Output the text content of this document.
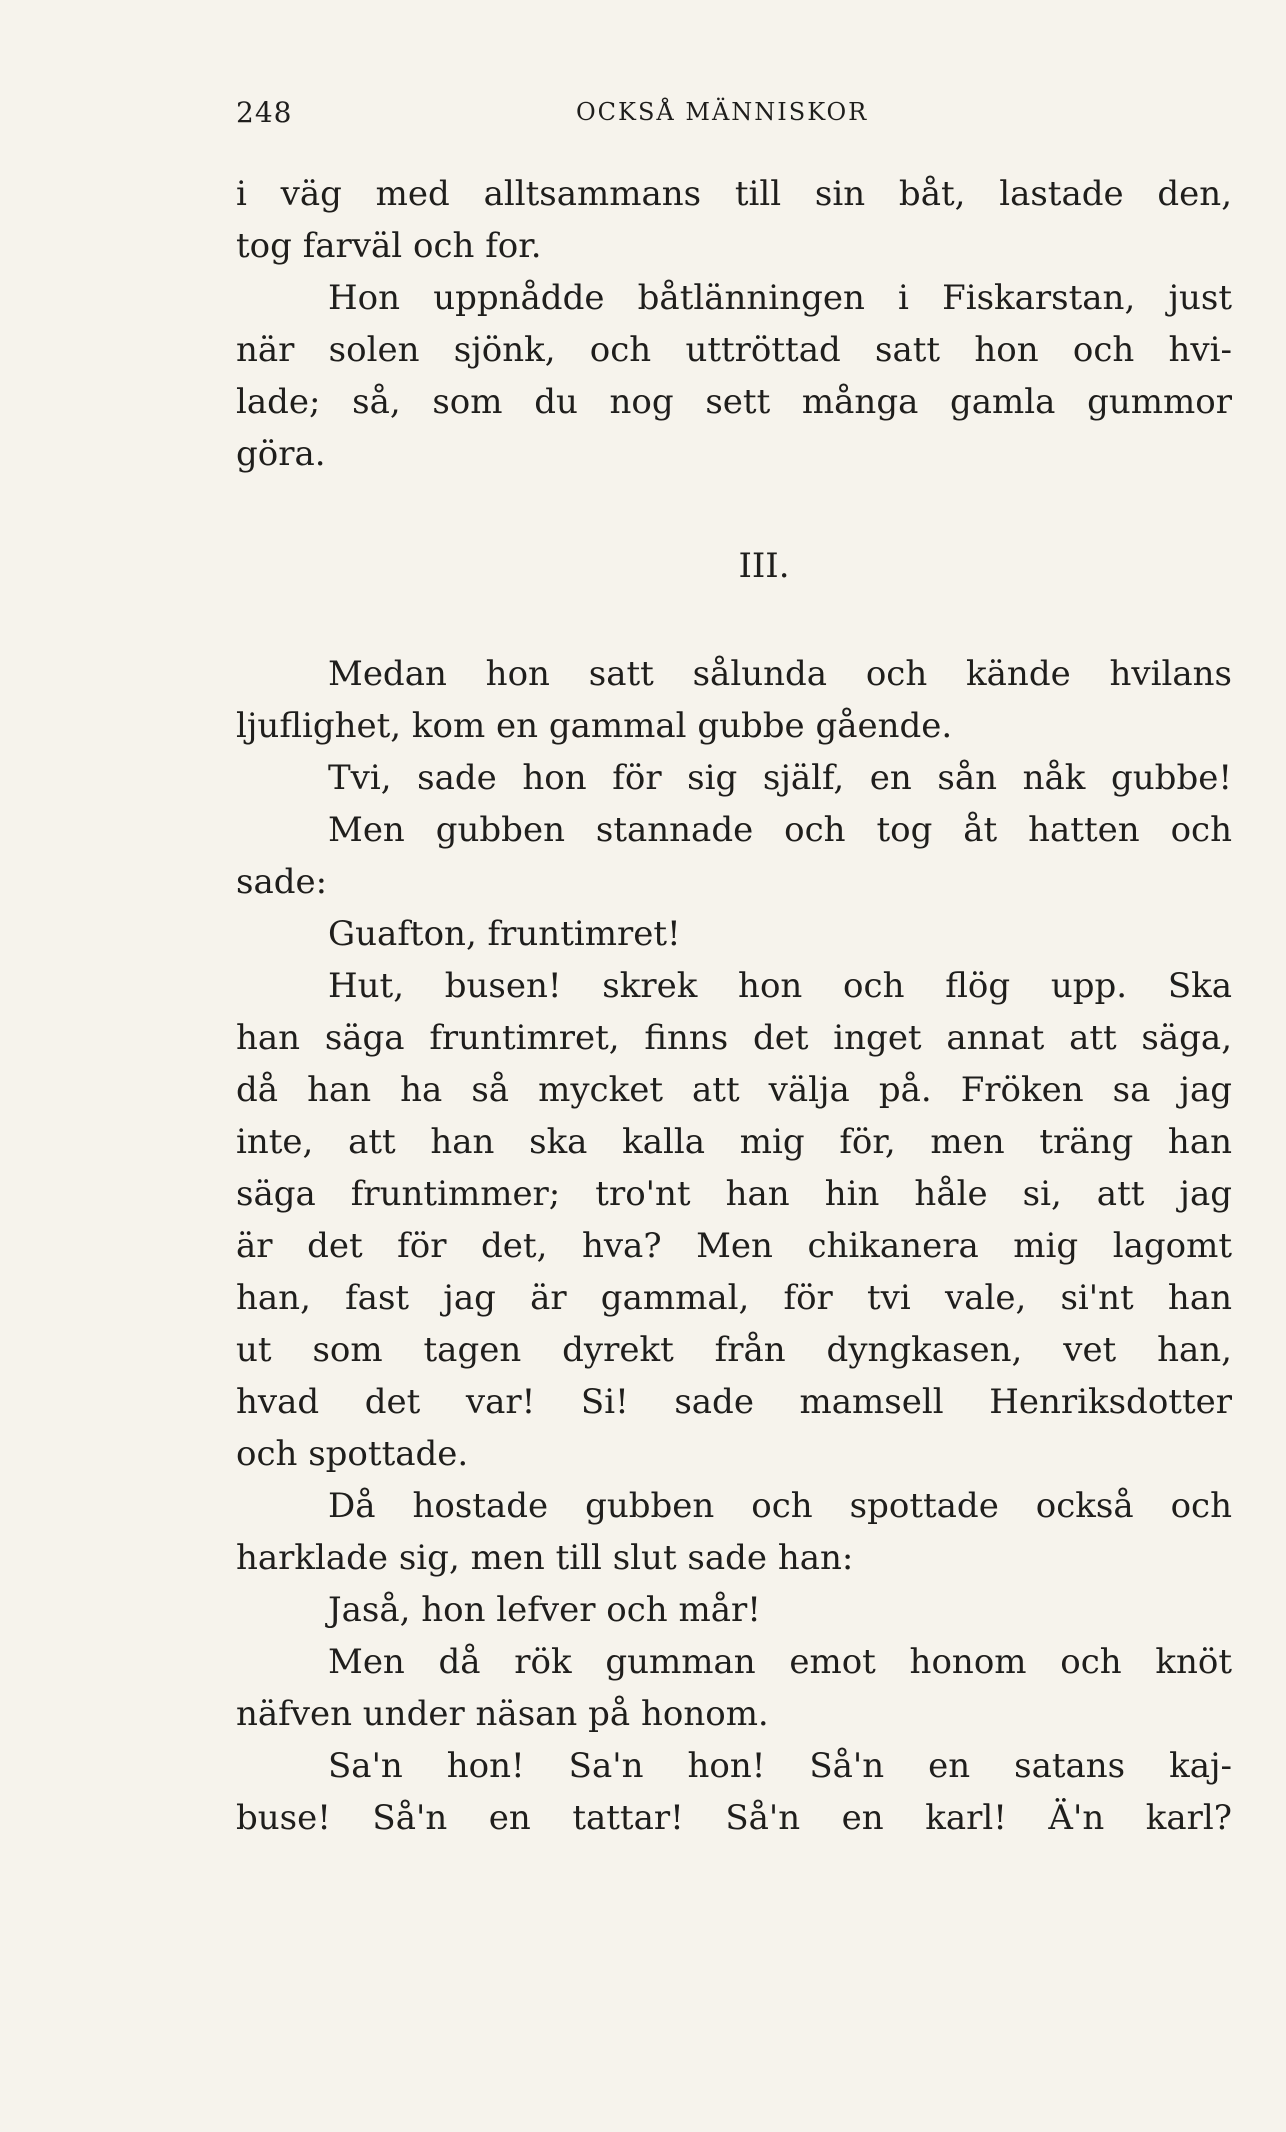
248	OCKSÅ MÄNNISKOR
i väg med alltsammans till sin båt, lastade den,
tog farväl och for.
Hon uppnådde båtlänningen i Fiskarstan, just
när solen sjönk, och uttröttad satt hon och hvi-
lade; så, som du nog sett många gamla gummor
göra.
III.
Medan hon satt sålunda och kände hvilans
ljuflighet, kom en gammal gubbe gående.
Tvi, sade hon för sig själf, en sån nåk gubbe!
Men gubben stannade och tog åt hatten och
sade:
Guafton, fruntimret!
Hut, busen! skrek hon och flög upp. Ska
han säga fruntimret, finns det inget annat att säga,
då han ha så mycket att välja på. Fröken sa jag
inte, att han ska kalla mig för, men träng han
säga fruntimmer; tro'nt han hin håle si, att jag
är det för det, hva? Men chikanera mig lagomt
han, fast jag är gammal, för tvi vale, si'nt han
ut som tagen dyrekt från dyngkasen, vet han,
hvad det var! Si! sade mamsell Henriksdotter
och spottade.
Då hostade gubben och spottade också och
harklade sig, men till slut sade han:
Jaså, hon lefver och mår!
Men då rök gumman emot honom och knöt
näfven under näsan på honom.
Sa'n hon! Sa'n hon! Så'n en satans kaj-
buse! Så'n en tattar! Så'n en karl! Ä'n karl?
